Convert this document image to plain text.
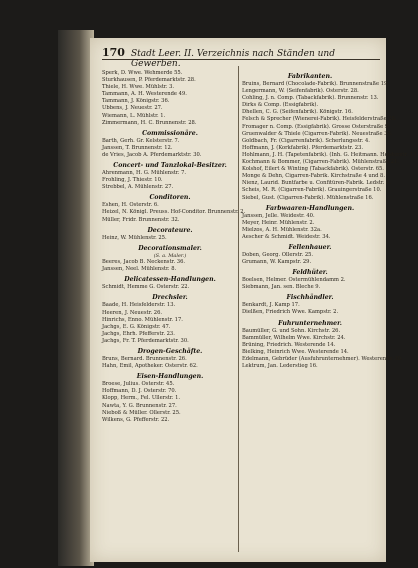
170 Stadt Leer. II. Verzeichnis nach Ständen und Gewerben.
Sperk, D. Wwe. Wehmerde 55.
Sturkhausen, P. Pferdemarktstr. 28.
Thiele, H. Wwe. Mühlstr. 3.
Tammann, A. H. Westerende 49.
Tammann, J. Königstr. 36.
Ubbens, J. Neuestr. 27.
Wiemann, L. Mühlstr. 1.
Zimmermann, H. C. Brunnenstr. 28.
Commissionäre.
Barth, Gerh. Gr. Kelsterstr. 7.
Janssen, T. Brunnenstr. 12.
de Vries, Jacob A. Pferdemarktstr. 30.
Concert- und Tanzlokal-Besitzer.
Ahrenmann, H. G. Mühlenstr. 7.
Frohling, J. Thiestr. 10.
Strebbel, A. Mühlenstr. 27.
Conditoren.
Eshen, H. Osterstr. 6.
Heizel, N. Königl. Preuss. Hof-Conditor. Brunnenstr. 2.
Müller, Fridr. Brunnenstr. 32.
Decorateure.
Heinz, W. Mühlenstr. 25.
Decorationsmaler.
(S. a. Maler.)
Beeres, Jacob B. Neckenstr. 36.
Janssen, Neel. Mühlenstr. 8.
Delicatessen-Handlungen.
Schmidt, Hemme G. Osterstr. 22.
Drechsler.
Baade, H. Heisfelderstr. 13.
Heeren, J. Neuestr. 26.
Hinrichs, Enno. Mühlenstr. 17.
Jachgs, E. G. Königstr. 47.
Jachgs, Ehrh. Pfefferstr. 23.
Jachgs, Fr. T. Pferdemarktstr. 30.
Drogen-Geschäfte.
Bruns, Bernard. Brunnenstr. 26.
Hahn, Emil, Apotheker. Osterstr. 62.
Eisen-Handlungen.
Broese, Julius. Osterstr. 45.
Hoffmann, D. J. Osterstr. 70.
Klopp, Herm., Fel. Ullerstr. 1.
Nawta, Y. G. Brunnenstr. 27.
Nieboß & Müller. Ollerstr. 25.
Wilkens, G. Pfefferstr. 22.
Fabrikanten.
Bruins, Bernard (Chocolade-Fabrik). Brunnenstraße 19.
Lengermann, W. (Seifenfabrik). Osterstr. 28.
Cohling, J. n. Comp. (Tabackfabrik). Brunnenstr. 13.
Dirks & Comp. (Essigfabrik).
Dhellen, C. G. (Seifenfabrik). Königstr. 16.
Felsch & Sprecher (Wienerei-Fabrik). Heisfelderstraße 28.
Fromager n. Comp. (Essigfabrik). Grosse Osterstraße 9.
Gruenwalder & Thiele (Cigarren-Fabrik). Neuestraße 35.
Goldbach, Fr. (Cigarrenfabrik). Scherlungsstr. 4.
Hoffmann, J. (Korkfabrik). Pferdemarktstr. 23.
Hohlmann, J. H. (Tapetenfabrik). (Inh. G. Heitmann. Heisterstr. 13.
Kochmann & Bommer, (Cigarren-Fabrik). Mühlenstraße 21.
Kolshof, Eilert & Winting (Tabackfabrik). Osterstr. 65.
Monge & Dehn, Cigarren-Fabrik. Kirchstraße 4 und 8.
Nienz, Laurid. Buntfarbe u. Confitüren-Fabrik. Ledstr. 8.
Scheis, M. R. (Cigarren-Fabrik). Grauingerstraße 10.
Siebel, Gust. (Cigarren-Fabrik). Mühlenstraße 16.
Farbwaaren-Handlungen.
Janssen, Jelle. Weidestr. 40.
Meyer, Heinr. Mühlenstr. 2.
Mielzos, A. H. Mühlenstr. 32a.
Aescher & Schmidt. Weidestr. 34.
Fellenhauer.
Doben, Georg. Ollerstr. 25.
Grumann, W. Kampstr. 29.
Feldhüter.
Boelsen, Helmer. Ostermühlendamm 2.
Siebmann, Jan. sen. Bleche 9.
Fischhändler.
Benkardt, J. Kamp 17.
Dielßen, Friedrich Wwe. Kampstr. 2.
Fuhrunternehmer.
Baumüller, G. und Sohn. Kirchstr. 26.
Bammüller, Wilhelm Wwe. Kirchstr. 24.
Brüning, Friedrich. Westerende 14.
Bielking, Heinrich Wwe. Westerende 14.
Edelmann, Gebrüder (Ausfuhrunternehmer). Westerende 30.
Lektrum, Jan. Lederstieg 16.
